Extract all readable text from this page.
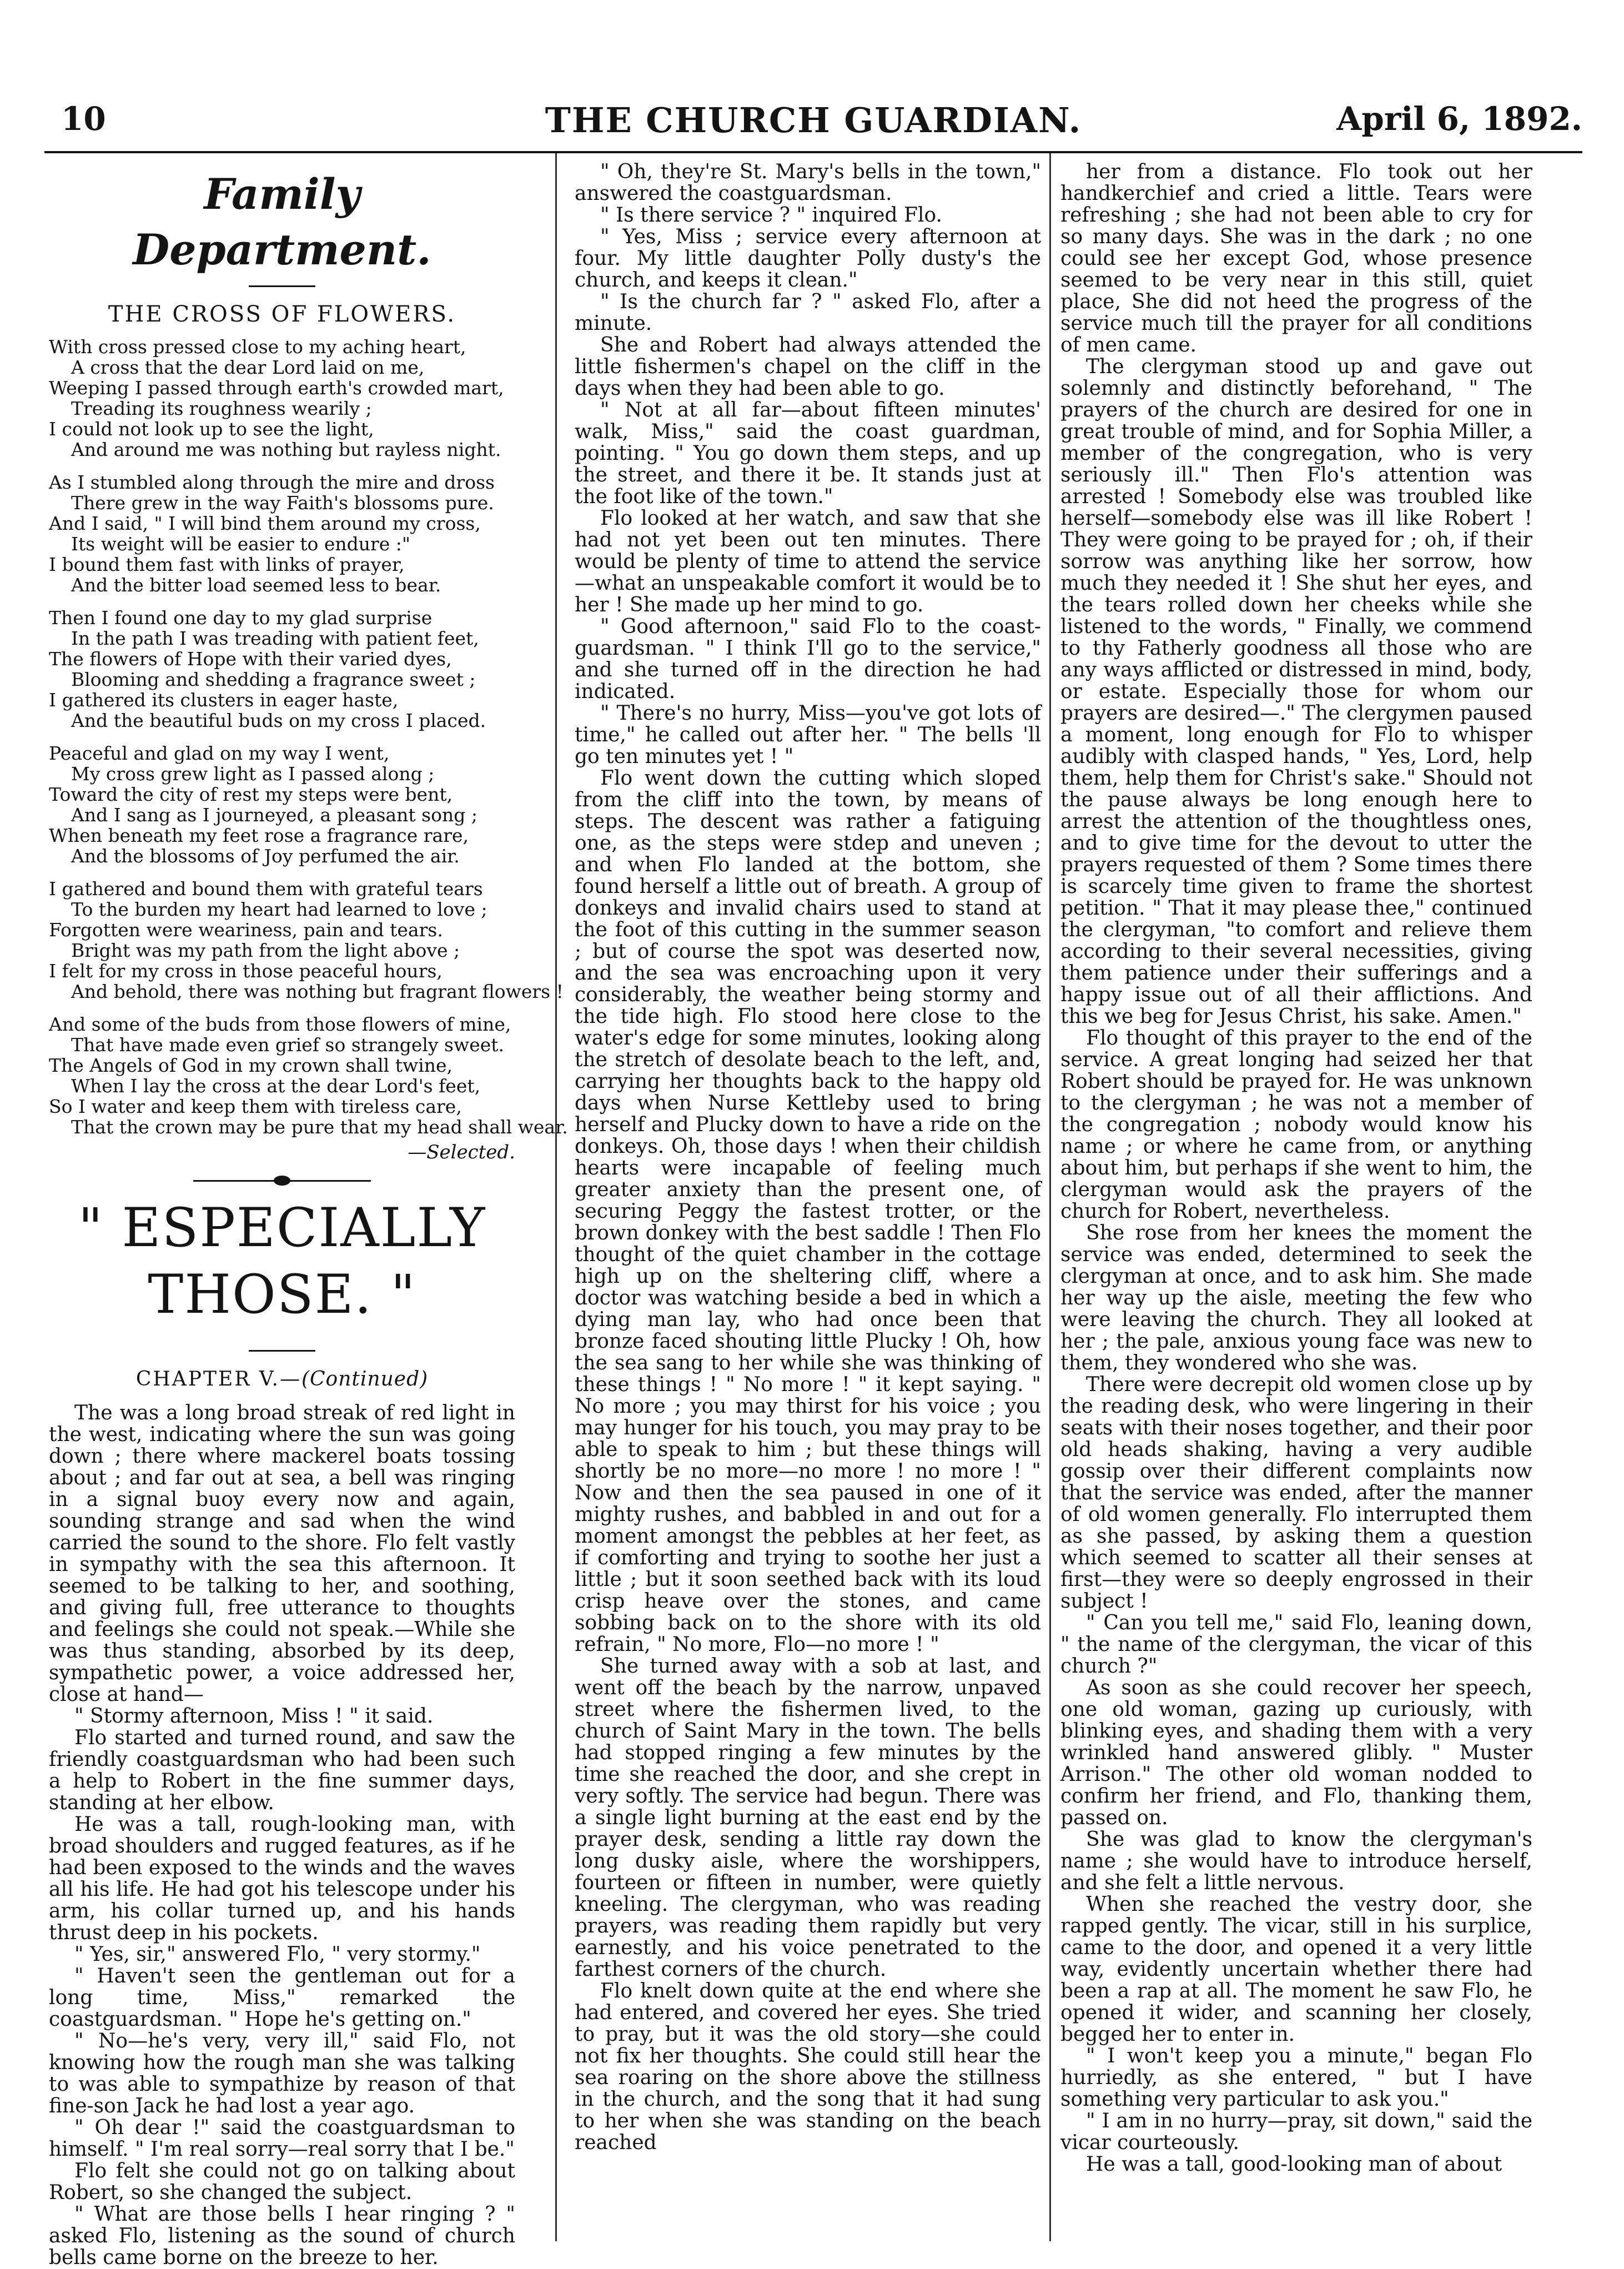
10	THE CHURCH GUARDIAN.	April 6, 1892.
Family Department.
THE CROSS OF FLOWERS.
With cross pressed close to my aching heart,
A cross that the dear Lord laid on me,
Weeping I passed through earth's crowded mart,
Treading its roughness wearily ;
I could not look up to see the light,
And around me was nothing but rayless night.
As I stumbled along through the mire and dross
There grew in the way Faith's blossoms pure.
And I said, " I will bind them around my cross,
Its weight will be easier to endure :"
I bound them fast with links of prayer,
And the bitter load seemed less to bear.
Then I found one day to my glad surprise
In the path I was treading with patient feet,
The flowers of Hope with their varied dyes,
Blooming and shedding a fragrance sweet ;
I gathered its clusters in eager haste,
And the beautiful buds on my cross I placed.
Peaceful and glad on my way I went,
My cross grew light as I passed along ;
Toward the city of rest my steps were bent,
And I sang as I journeyed, a pleasant song ;
When beneath my feet rose a fragrance rare,
And the blossoms of Joy perfumed the air.
I gathered and bound them with grateful tears
To the burden my heart had learned to love ;
Forgotten were weariness, pain and tears.
Bright was my path from the light above ;
I felt for my cross in those peaceful hours,
And behold, there was nothing but fragrant flowers !
And some of the buds from those flowers of mine,
That have made even grief so strangely sweet.
The Angels of God in my crown shall twine,
When I lay the cross at the dear Lord's feet,
So I water and keep them with tireless care,
That the crown may be pure that my head shall wear.
—Selected.
" ESPECIALLY THOSE. "
CHAPTER V.—(Continued)

The was a long broad streak of red light in the west, indicating where the sun was going down ; there where mackerel boats tossing about ; and far out at sea, a bell was ringing in a signal buoy every now and again, sounding strange and sad when the wind carried the sound to the shore. Flo felt vastly in sympathy with the sea this afternoon. It seemed to be talking to her, and soothing, and giving full, free utterance to thoughts and feelings she could not speak.—While she was thus standing, absorbed by its deep, sympathetic power, a voice addressed her, close at hand—

" Stormy afternoon, Miss ! " it said.

Flo started and turned round, and saw the friendly coastguardsman who had been such a help to Robert in the fine summer days, standing at her elbow.

He was a tall, rough-looking man, with broad shoulders and rugged features, as if he had been exposed to the winds and the waves all his life. He had got his telescope under his arm, his collar turned up, and his hands thrust deep in his pockets.

" Yes, sir," answered Flo, " very stormy."

" Haven't seen the gentleman out for a long time, Miss," remarked the coastguardsman. " Hope he's getting on."

" No—he's very, very ill," said Flo, not knowing how the rough man she was talking to was able to sympathize by reason of that fine-son Jack he had lost a year ago.

" Oh dear !" said the coastguardsman to himself. " I'm real sorry—real sorry that I be."

Flo felt she could not go on talking about Robert, so she changed the subject.

" What are those bells I hear ringing ? " asked Flo, listening as the sound of church bells came borne on the breeze to her.

" Oh, they're St. Mary's bells in the town," answered the coastguardsman.

" Is there service ? " inquired Flo.

" Yes, Miss ; service every afternoon at four. My little daughter Polly dusty's the church, and keeps it clean."

" Is the church far ? " asked Flo, after a minute.

She and Robert had always attended the little fishermen's chapel on the cliff in the days when they had been able to go.

" Not at all far—about fifteen minutes' walk, Miss," said the coast guardman, pointing. " You go down them steps, and up the street, and there it be. It stands just at the foot like of the town."

Flo looked at her watch, and saw that she had not yet been out ten minutes. There would be plenty of time to attend the service—what an unspeakable comfort it would be to her ! She made up her mind to go.

" Good afternoon," said Flo to the coast-guardsman. " I think I'll go to the service," and she turned off in the direction he had indicated.

" There's no hurry, Miss—you've got lots of time," he called out after her. " The bells 'll go ten minutes yet ! "

Flo went down the cutting which sloped from the cliff into the town, by means of steps. The descent was rather a fatiguing one, as the steps were stdep and uneven ; and when Flo landed at the bottom, she found herself a little out of breath. A group of donkeys and invalid chairs used to stand at the foot of this cutting in the summer season ; but of course the spot was deserted now, and the sea was encroaching upon it very considerably, the weather being stormy and the tide high. Flo stood here close to the water's edge for some minutes, looking along the stretch of desolate beach to the left, and, carrying her thoughts back to the happy old days when Nurse Kettleby used to bring herself and Plucky down to have a ride on the donkeys. Oh, those days ! when their childish hearts were incapable of feeling much greater anxiety than the present one, of securing Peggy the fastest trotter, or the brown donkey with the best saddle ! Then Flo thought of the quiet chamber in the cottage high up on the sheltering cliff, where a doctor was watching beside a bed in which a dying man lay, who had once been that bronze faced shouting little Plucky ! Oh, how the sea sang to her while she was thinking of these things ! " No more ! " it kept saying. " No more ; you may thirst for his voice ; you may hunger for his touch, you may pray to be able to speak to him ; but these things will shortly be no more—no more ! no more ! " Now and then the sea paused in one of it mighty rushes, and babbled in and out for a moment amongst the pebbles at her feet, as if comforting and trying to soothe her just a little ; but it soon seethed back with its loud crisp heave over the stones, and came sobbing back on to the shore with its old refrain, " No more, Flo—no more ! "

She turned away with a sob at last, and went off the beach by the narrow, unpaved street where the fishermen lived, to the church of Saint Mary in the town. The bells had stopped ringing a few minutes by the time she reached the door, and she crept in very softly. The service had begun. There was a single light burning at the east end by the prayer desk, sending a little ray down the long dusky aisle, where the worshippers, fourteen or fifteen in number, were quietly kneeling. The clergyman, who was reading prayers, was reading them rapidly but very earnestly, and his voice penetrated to the farthest corners of the church.

Flo knelt down quite at the end where she had entered, and covered her eyes. She tried to pray, but it was the old story—she could not fix her thoughts. She could still hear the sea roaring on the shore above the stillness in the church, and the song that it had sung to her when she was standing on the beach reached

her from a distance. Flo took out her handkerchief and cried a little. Tears were refreshing ; she had not been able to cry for so many days. She was in the dark ; no one could see her except God, whose presence seemed to be very near in this still, quiet place, She did not heed the progress of the service much till the prayer for all conditions of men came.

The clergyman stood up and gave out solemnly and distinctly beforehand, " The prayers of the church are desired for one in great trouble of mind, and for Sophia Miller, a member of the congregation, who is very seriously ill." Then Flo's attention was arrested ! Somebody else was troubled like herself—somebody else was ill like Robert ! They were going to be prayed for ; oh, if their sorrow was anything like her sorrow, how much they needed it ! She shut her eyes, and the tears rolled down her cheeks while she listened to the words, " Finally, we commend to thy Fatherly goodness all those who are any ways afflicted or distressed in mind, body, or estate. Especially those for whom our prayers are desired—." The clergymen paused a moment, long enough for Flo to whisper audibly with clasped hands, " Yes, Lord, help them, help them for Christ's sake." Should not the pause always be long enough here to arrest the attention of the thoughtless ones, and to give time for the devout to utter the prayers requested of them ? Some times there is scarcely time given to frame the shortest petition. " That it may please thee," continued the clergyman, "to comfort and relieve them according to their several necessities, giving them patience under their sufferings and a happy issue out of all their afflictions. And this we beg for Jesus Christ, his sake. Amen."

Flo thought of this prayer to the end of the service. A great longing had seized her that Robert should be prayed for. He was unknown to the clergyman ; he was not a member of the congregation ; nobody would know his name ; or where he came from, or anything about him, but perhaps if she went to him, the clergyman would ask the prayers of the church for Robert, nevertheless.

She rose from her knees the moment the service was ended, determined to seek the clergyman at once, and to ask him. She made her way up the aisle, meeting the few who were leaving the church. They all looked at her ; the pale, anxious young face was new to them, they wondered who she was.

There were decrepit old women close up by the reading desk, who were lingering in their seats with their noses together, and their poor old heads shaking, having a very audible gossip over their different complaints now that the service was ended, after the manner of old women generally. Flo interrupted them as she passed, by asking them a question which seemed to scatter all their senses at first—they were so deeply engrossed in their subject !

" Can you tell me," said Flo, leaning down, " the name of the clergyman, the vicar of this church ?"

As soon as she could recover her speech, one old woman, gazing up curiously, with blinking eyes, and shading them with a very wrinkled hand answered glibly. " Muster Arrison." The other old woman nodded to confirm her friend, and Flo, thanking them, passed on.

She was glad to know the clergyman's name ; she would have to introduce herself, and she felt a little nervous.

When she reached the vestry door, she rapped gently. The vicar, still in his surplice, came to the door, and opened it a very little way, evidently uncertain whether there had been a rap at all. The moment he saw Flo, he opened it wider, and scanning her closely, begged her to enter in.

" I won't keep you a minute," began Flo hurriedly, as she entered, " but I have something very particular to ask you."

" I am in no hurry—pray, sit down," said the vicar courteously.

He was a tall, good-looking man of about
